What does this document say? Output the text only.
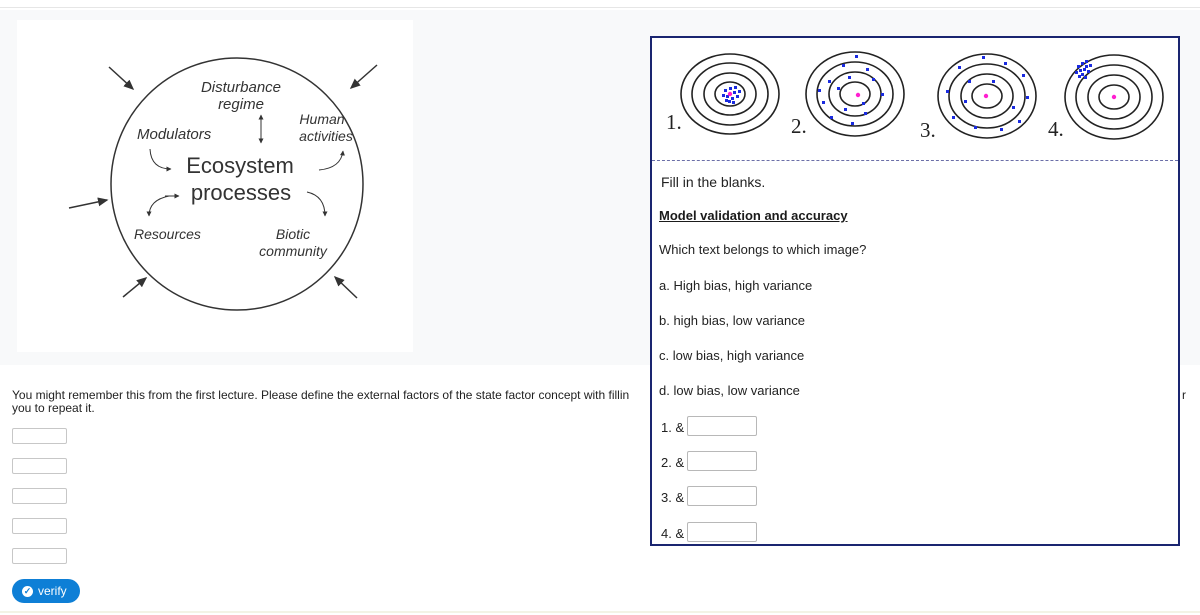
Disturbance
regime
Human
activities
Modulators
Ecosystem
processes
Resources	Biotic
community
You might remember this from the first lecture. Please define the external factors of the state factor concept with fillin
you to repeat it.
r
✓ verify
1.	2.	3.	4.
Fill in the blanks.
Model validation and accuracy
Which text belongs to which image?
a. High bias, high variance
b. high bias, low variance
c. low bias, high variance
d. low bias, low variance
1. &
2. &
3. &
4. &
